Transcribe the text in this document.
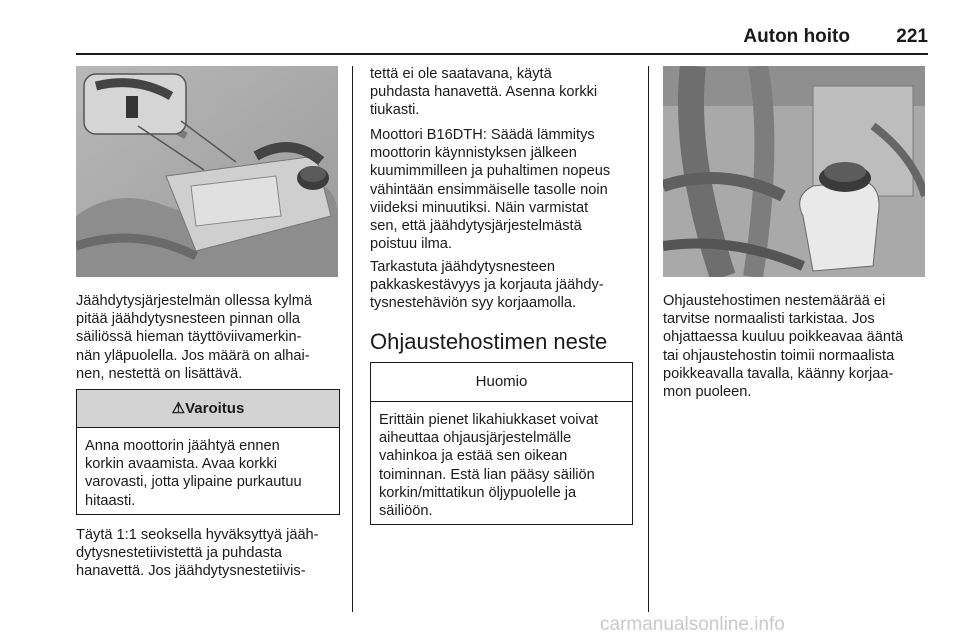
Auton hoito 221

Jäähdytysjärjestelmän ollessa kylmä

pitää jäähdytysnesteen pinnan olla

säiliössä hieman täyttöviivamerkin-

nän yläpuolella. Jos määrä on alhai-

nen, nestettä on lisättävä.

⚠Varoitus
Anna moottorin jäähtyä ennen
korkin avaamista. Avaa korkki
varovasti, jotta ylipaine purkautuu
hitaasti.

Täytä 1:1 seoksella hyväksyttyä jääh-

dytysnestetiivistettä ja puhdasta

hanavettä. Jos jäähdytysnestetiivis-

tettä ei ole saatavana, käytä

puhdasta hanavettä. Asenna korkki

tiukasti.

Moottori B16DTH: Säädä lämmitys

moottorin käynnistyksen jälkeen

kuumimmilleen ja puhaltimen nopeus

vähintään ensimmäiselle tasolle noin

viideksi minuutiksi. Näin varmistat

sen, että jäähdytysjärjestelmästä

poistuu ilma.

Tarkastuta jäähdytysnesteen

pakkaskestävyys ja korjauta jäähdy-

tysnestehäviön syy korjaamolla.

Ohjaustehostimen neste
Huomio
Erittäin pienet likahiukkaset voivat
aiheuttaa ohjausjärjestelmälle
vahinkoa ja estää sen oikean
toiminnan. Estä lian pääsy säiliön
korkin/mittatikun öljypuolelle ja
säiliöön.

Ohjaustehostimen nestemäärää ei

tarvitse normaalisti tarkistaa. Jos

ohjattaessa kuuluu poikkeavaa ääntä

tai ohjaustehostin toimii normaalista

poikkeavalla tavalla, käänny korjaa-

mon puoleen.

carmanualsonline.info
